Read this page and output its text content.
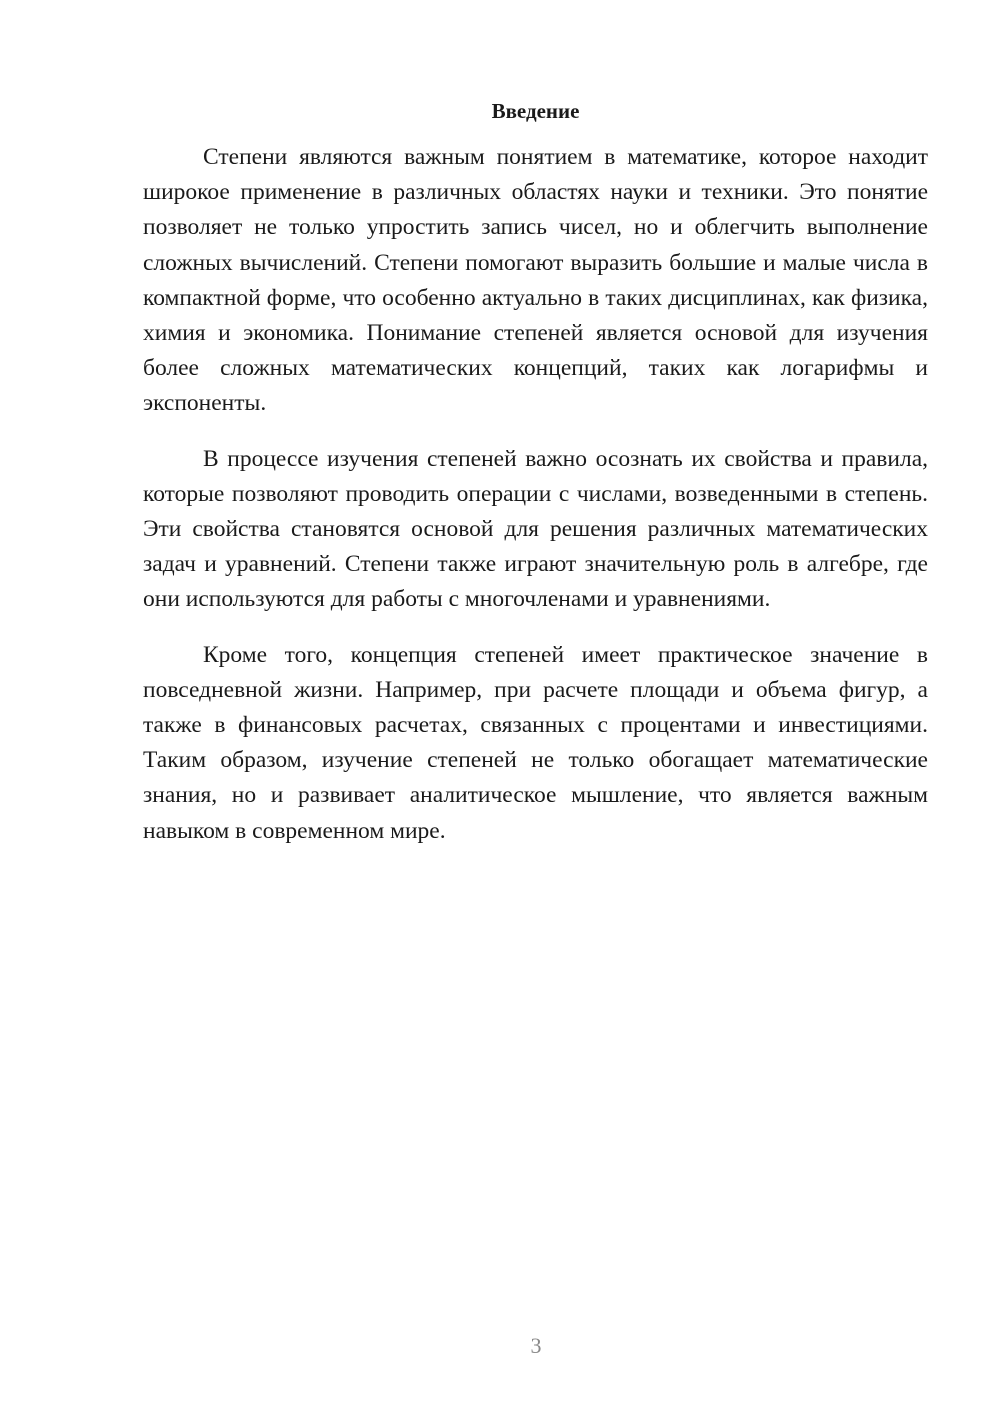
Введение

Степени являются важным понятием в математике, которое находит широкое применение в различных областях науки и техники. Это понятие позволяет не только упростить запись чисел, но и облегчить выполнение сложных вычислений. Степени помогают выразить большие и малые числа в компактной форме, что особенно актуально в таких дисциплинах, как физика, химия и экономика. Понимание степеней является основой для изучения более сложных математических концепций, таких как логарифмы и экспоненты.

В процессе изучения степеней важно осознать их свойства и правила, которые позволяют проводить операции с числами, возведенными в степень. Эти свойства становятся основой для решения различных математических задач и уравнений. Степени также играют значительную роль в алгебре, где они используются для работы с многочленами и уравнениями.

Кроме того, концепция степеней имеет практическое значение в повседневной жизни. Например, при расчете площади и объема фигур, а также в финансовых расчетах, связанных с процентами и инвестициями. Таким образом, изучение степеней не только обогащает математические знания, но и развивает аналитическое мышление, что является важным навыком в современном мире.

3
